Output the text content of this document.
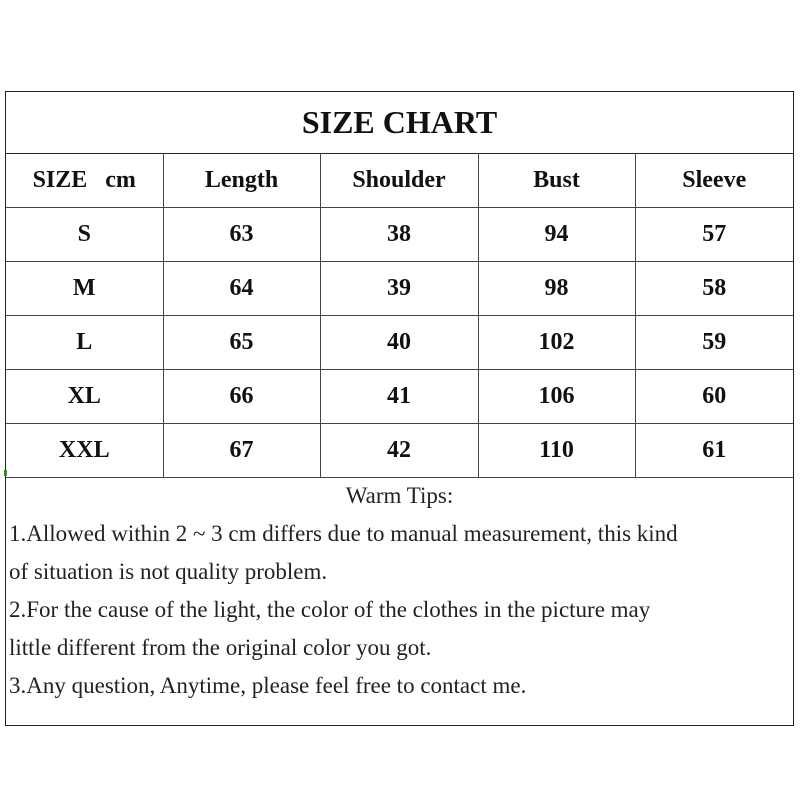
SIZE CHART
SIZE   cm	Length	Shoulder	Bust	Sleeve
S	63	38	94	57
M	64	39	98	58
L	65	40	102	59
XL	66	41	106	60
XXL	67	42	110	61
Warm Tips:
1.Allowed within 2 ~ 3 cm differs due to manual measurement, this kind
of situation is not quality problem.
2.For the cause of the light, the color of the clothes in the picture may
little different from the original color you got.
3.Any question, Anytime, please feel free to contact me.
